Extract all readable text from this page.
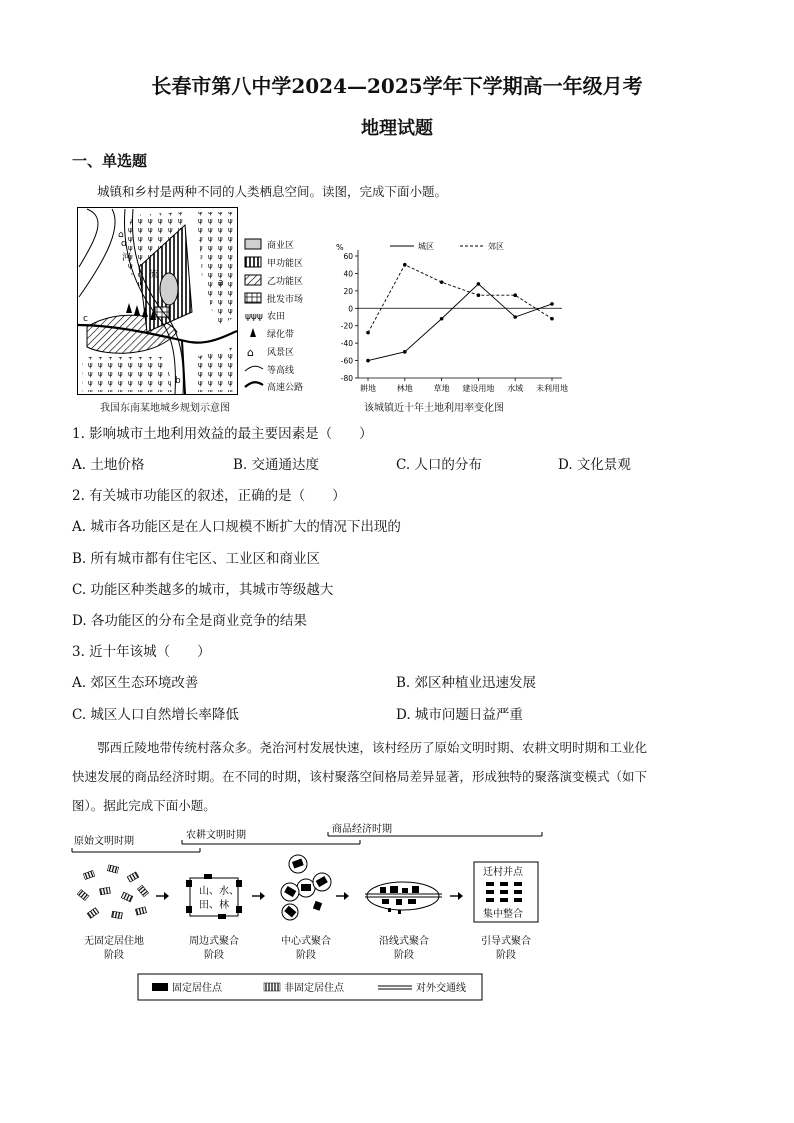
长春市第八中学2024—2025学年下学期高一年级月考
地理试题
一、单选题
城镇和乡村是两种不同的人类栖息空间。读图，完成下面小题。
⌂
d
河
流
a
b
c
商业区
甲功能区
乙功能区
批发市场
ψψψ 农田
绿化带
⌂ 风景区
等高线
高速公路
我国东南某地城乡规划示意图
%
60
40
20
0
-20
-40
-60
-80
耕地	林地	草地 建设用地 水域 未利用地
城区	郊区
该城镇近十年土地利用率变化图
1. 影响城市土地利用效益的最主要因素是（　　）
A. 土地价格	B. 交通通达度	C. 人口的分布	D. 文化景观
2. 有关城市功能区的叙述，正确的是（　　）
A. 城市各功能区是在人口规模不断扩大的情况下出现的
B. 所有城市都有住宅区、工业区和商业区
C. 功能区种类越多的城市，其城市等级越大
D. 各功能区的分布全是商业竞争的结果
3. 近十年该城（　　）
A. 郊区生态环境改善	B. 郊区种植业迅速发展
C. 城区人口自然增长率降低	D. 城市问题日益严重
鄂西丘陵地带传统村落众多。尧治河村发展快速，该村经历了原始文明时期、农耕文明时期和工业化
快速发展的商品经济时期。在不同的时期，该村聚落空间格局差异显著，形成独特的聚落演变模式（如下
图）。据此完成下面小题。
原始文明时期
农耕文明时期
商品经济时期
山、水、
田、林
迁村并点
集中整合
无固定居住地
阶段
周边式聚合
阶段
中心式聚合
阶段
沿线式聚合
阶段
引导式聚合
阶段
固定居住点	非固定居住点	对外交通线
